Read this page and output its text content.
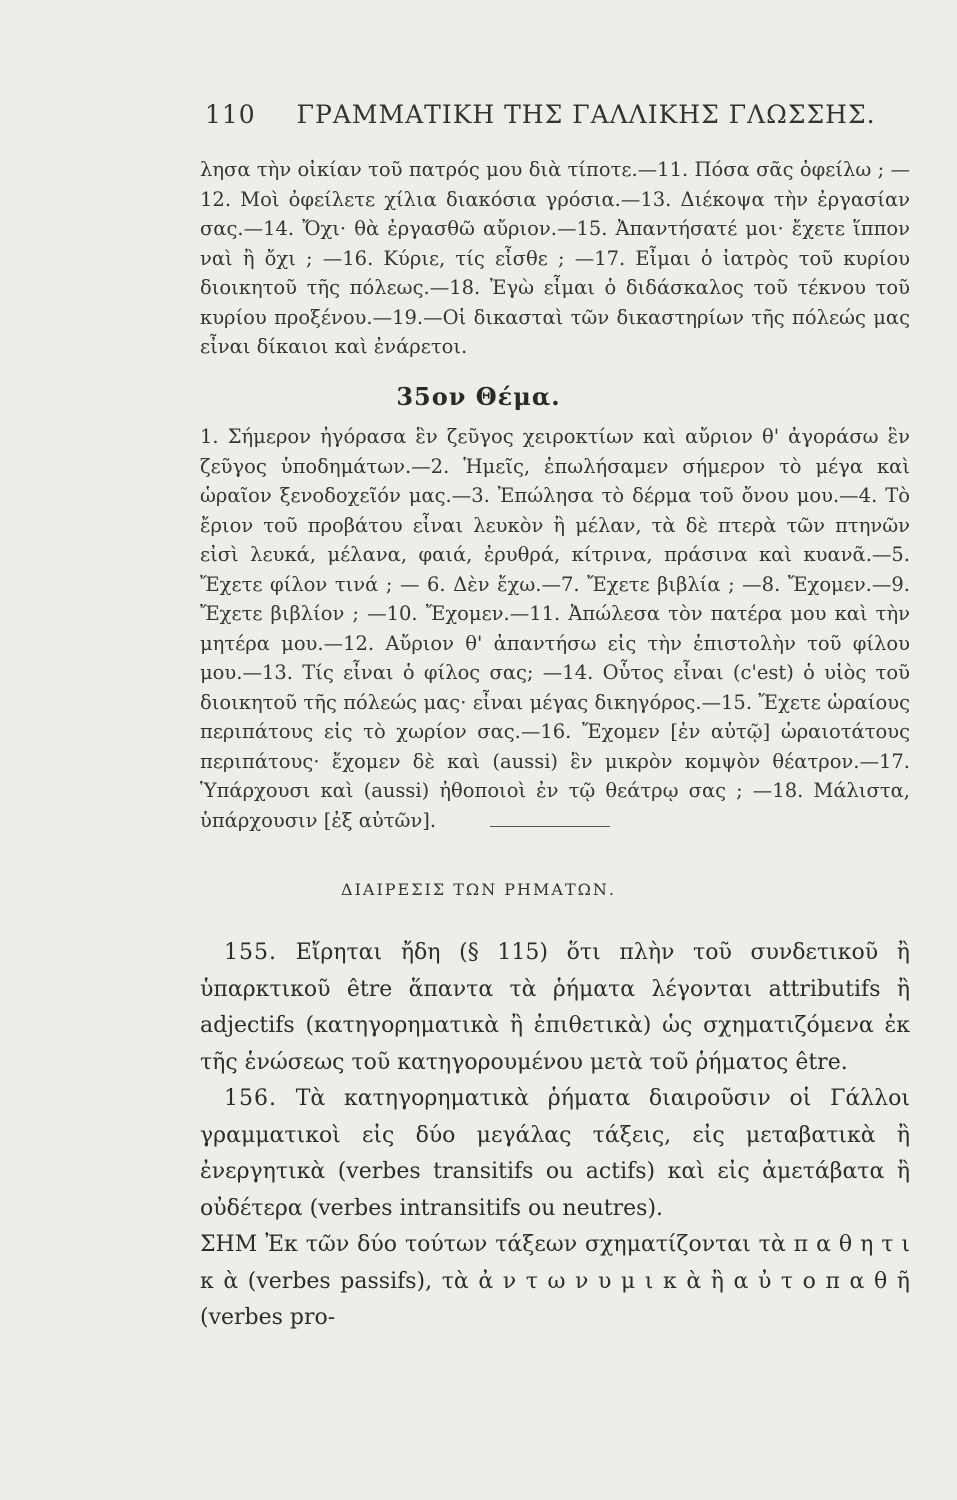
110 ΓΡΑΜΜΑΤΙΚΗ ΤΗΣ ΓΑΛΛΙΚΗΣ ΓΛΩΣΣΗΣ.

λησα τὴν οἰκίαν τοῦ πατρός μου διὰ τίποτε.—11. Πόσα σᾶς ὀφείλω ; —12. Μοὶ ὀφείλετε χίλια διακόσια γρόσια.—13. Διέκοψα τὴν ἐργασίαν σας.—14. Ὄχι· θὰ ἐργασθῶ αὔριον.—15. Ἀπαντήσατέ μοι· ἔχετε ἵππον ναὶ ἢ ὄχι ; —16. Κύριε, τίς εἶσθε ; —17. Εἶμαι ὁ ἰατρὸς τοῦ κυρίου διοικητοῦ τῆς πόλεως.—18. Ἐγὼ εἶμαι ὁ διδάσκαλος τοῦ τέκνου τοῦ κυρίου προξένου.—19.—Οἱ δικασταὶ τῶν δικαστηρίων τῆς πόλεώς μας εἶναι δίκαιοι καὶ ἐνάρετοι.

35ον Θέμα.

1. Σήμερον ἠγόρασα ἓν ζεῦγος χειροκτίων καὶ αὔριον θ' ἀγοράσω ἓν ζεῦγος ὑποδημάτων.—2. Ἡμεῖς, ἐπωλήσαμεν σήμερον τὸ μέγα καὶ ὡραῖον ξενοδοχεῖόν μας.—3. Ἐπώλησα τὸ δέρμα τοῦ ὄνου μου.—4. Τὸ ἔριον τοῦ προβάτου εἶναι λευκὸν ἢ μέλαν, τὰ δὲ πτερὰ τῶν πτηνῶν εἰσὶ λευκά, μέλανα, φαιά, ἐρυθρά, κίτρινα, πράσινα καὶ κυανᾶ.—5. Ἔχετε φίλον τινά ; — 6. Δὲν ἔχω.—7. Ἔχετε βιβλία ; —8. Ἔχομεν.—9. Ἔχετε βιβλίον ; —10. Ἔχομεν.—11. Ἀπώλεσα τὸν πατέρα μου καὶ τὴν μητέρα μου.—12. Αὔριον θ' ἀπαντήσω εἰς τὴν ἐπιστολὴν τοῦ φίλου μου.—13. Τίς εἶναι ὁ φίλος σας; —14. Οὗτος εἶναι (c'est) ὁ υἱὸς τοῦ διοικητοῦ τῆς πόλεώς μας· εἶναι μέγας δικηγόρος.—15. Ἔχετε ὡραίους περιπάτους εἰς τὸ χωρίον σας.—16. Ἔχομεν [ἐν αὐτῷ] ὡραιοτάτους περιπάτους· ἔχομεν δὲ καὶ (aussi) ἓν μικρὸν κομψὸν θέατρον.—17. Ὑπάρχουσι καὶ (aussi) ἠθοποιοὶ ἐν τῷ θεάτρῳ σας ; —18. Μάλιστα, ὑπάρχουσιν [ἐξ αὐτῶν].

ΔΙΑΙΡΕΣΙΣ ΤΩΝ ΡΗΜΑΤΩΝ.

155. Εἴρηται ἤδη (§ 115) ὅτι πλὴν τοῦ συνδετικοῦ ἢ ὑπαρκτικοῦ être ἅπαντα τὰ ῥήματα λέγονται attributifs ἢ adjectifs (κατηγορηματικὰ ἢ ἐπιθετικὰ) ὡς σχηματιζόμενα ἐκ τῆς ἑνώσεως τοῦ κατηγορουμένου μετὰ τοῦ ῥήματος être.

156. Τὰ κατηγορηματικὰ ῥήματα διαιροῦσιν οἱ Γάλλοι γραμματικοὶ εἰς δύο μεγάλας τάξεις, εἰς μεταβατικὰ ἢ ἐνεργητικὰ (verbes transitifs ou actifs) καὶ εἰς ἀμετάβατα ἢ οὐδέτερα (verbes intransitifs ou neutres).

ΣΗΜ Ἐκ τῶν δύο τούτων τάξεων σχηματίζονται τὰ π α θ η τ ι κ ὰ (verbes passifs), τὰ ἀ ν τ ω ν υ μ ι κ ὰ ἢ α ὐ τ ο π α θ ῆ (verbes pro-
